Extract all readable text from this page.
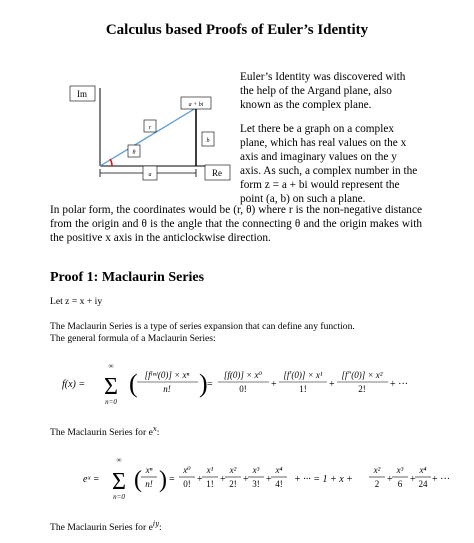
Calculus based Proofs of Euler’s Identity
Im
a + bi
r
b
θ
a	Re

Euler’s Identity was discovered with the help of the Argand plane, also known as the complex plane.

Let there be a graph on a complex plane, which has real values on the x axis and imaginary values on the y axis. As such, a complex number in the form z = a + bi would represent the point (a, b) on such a plane.

In polar form, the coordinates would be (r, θ) where r is the non-negative distance from the origin and θ is the angle that the connecting θ and the origin makes with the positive x axis in the anticlockwise direction.
Proof 1: Maclaurin Series
Let z = x + iy
The Maclaurin Series is a type of series expansion that can define any function.
The general formula of a Maclaurin Series:
f(x) =
∞
Σ
n=0
( [f⁽ⁿ⁾(0)] × xⁿ
n! ) =
[f(0)] × x⁰
0! +
[f′(0)] × x¹
1! +
[f″(0)] × x²
2! + ···
The Maclaurin Series for $e^x$:
eˣ =
∞
Σ
n=0
( xⁿ
n! ) =
x⁰
0! +
x¹
1! +
x²
2! +
x³
3! +
x⁴
4! + ··· = 1 + x +
x²
2 +
x³
6 +
x⁴
24 + ···
The Maclaurin Series for $e^{iy}$:
